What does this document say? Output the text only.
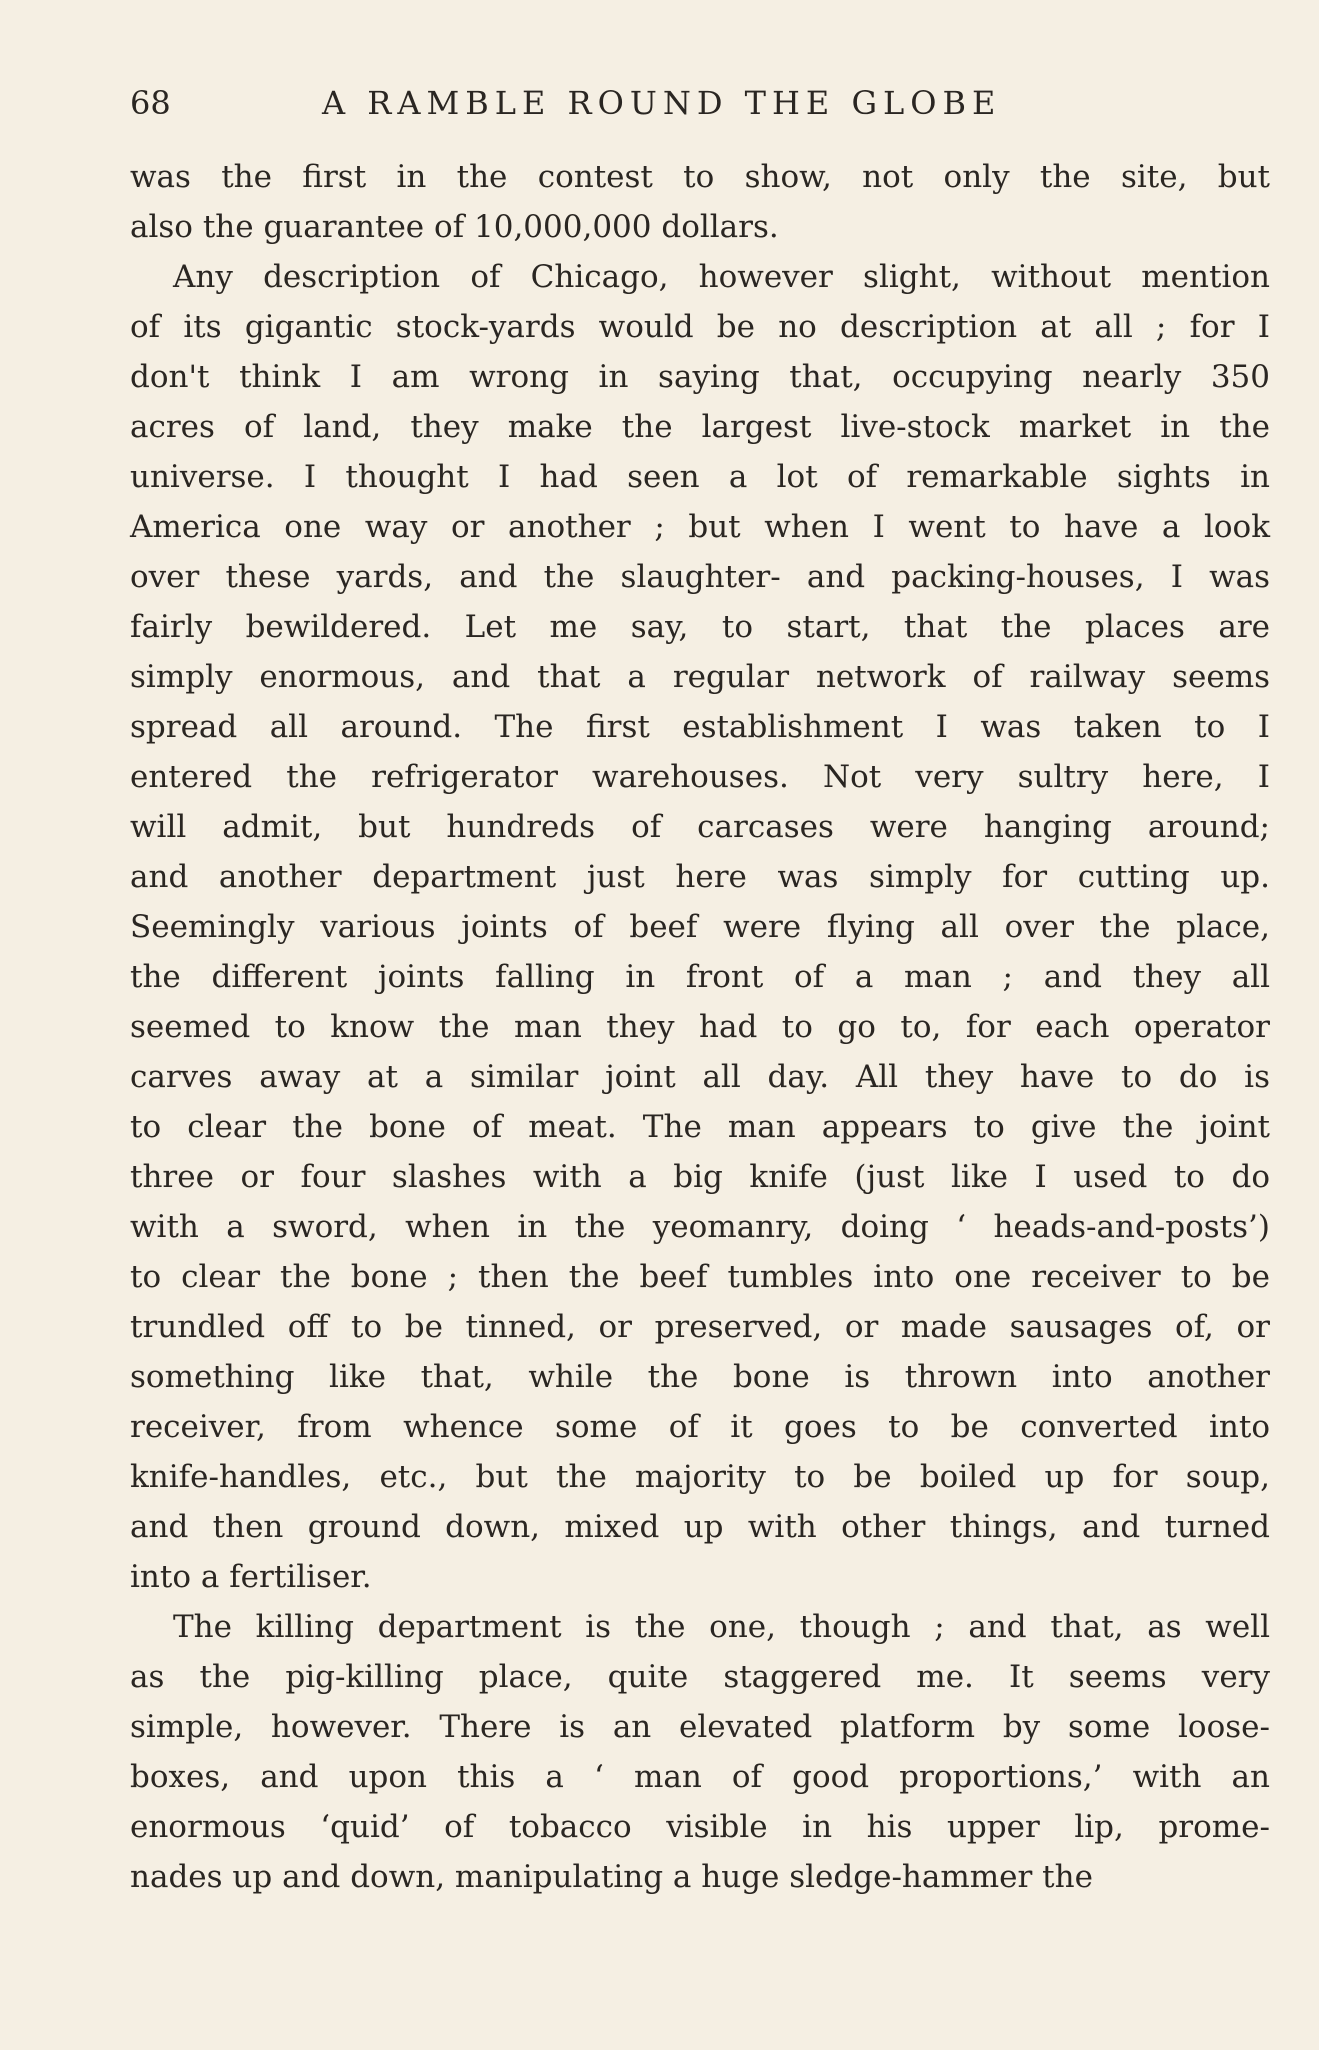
68	A RAMBLE ROUND THE GLOBE
was the first in the contest to show, not only the site, but
also the guarantee of 10,000,000 dollars.
Any description of Chicago, however slight, without mention
of its gigantic stock-yards would be no description at all ; for I
don't think I am wrong in saying that, occupying nearly 350
acres of land, they make the largest live-stock market in the
universe. I thought I had seen a lot of remarkable sights in
America one way or another ; but when I went to have a look
over these yards, and the slaughter- and packing-houses, I was
fairly bewildered. Let me say, to start, that the places are
simply enormous, and that a regular network of railway seems
spread all around. The first establishment I was taken to I
entered the refrigerator warehouses. Not very sultry here, I
will admit, but hundreds of carcases were hanging around;
and another department just here was simply for cutting up.
Seemingly various joints of beef were flying all over the place,
the different joints falling in front of a man ; and they all
seemed to know the man they had to go to, for each operator
carves away at a similar joint all day. All they have to do is
to clear the bone of meat. The man appears to give the joint
three or four slashes with a big knife (just like I used to do
with a sword, when in the yeomanry, doing ‘ heads-and-posts’)
to clear the bone ; then the beef tumbles into one receiver to be
trundled off to be tinned, or preserved, or made sausages of, or
something like that, while the bone is thrown into another
receiver, from whence some of it goes to be converted into
knife-handles, etc., but the majority to be boiled up for soup,
and then ground down, mixed up with other things, and turned
into a fertiliser.
The killing department is the one, though ; and that, as well
as the pig-killing place, quite staggered me. It seems very
simple, however. There is an elevated platform by some loose-
boxes, and upon this a ‘ man of good proportions,’ with an
enormous ‘quid’ of tobacco visible in his upper lip, prome-
nades up and down, manipulating a huge sledge-hammer the
